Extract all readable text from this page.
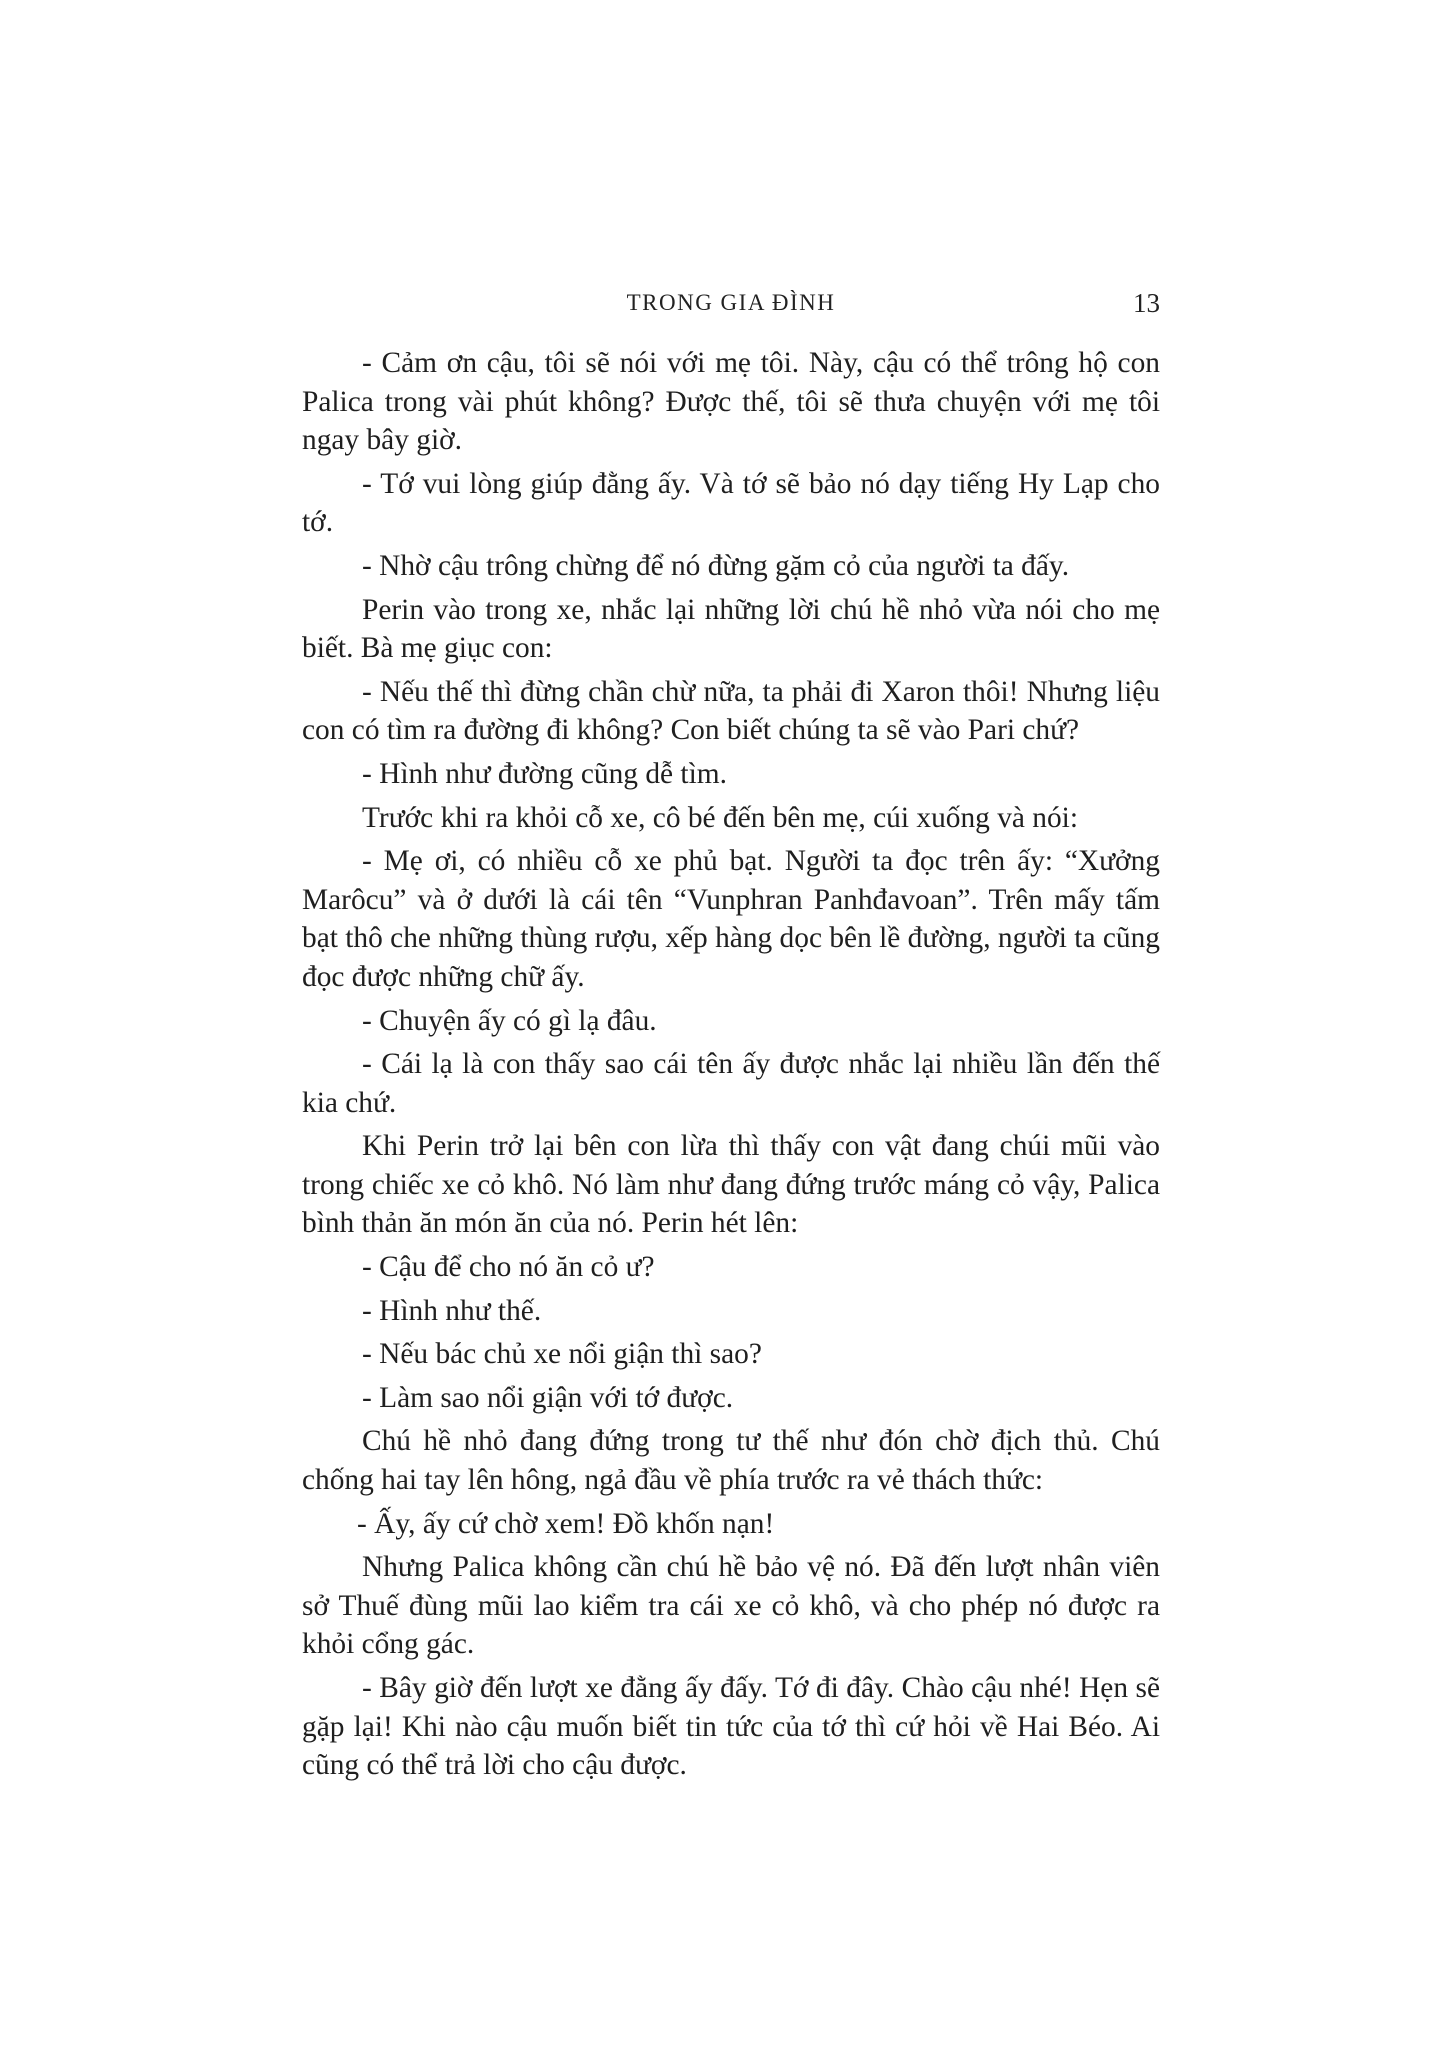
TRONG GIA ĐÌNH	13

- Cảm ơn cậu, tôi sẽ nói với mẹ tôi. Này, cậu có thể trông hộ con Palica trong vài phút không? Được thế, tôi sẽ thưa chuyện với mẹ tôi ngay bây giờ.

- Tớ vui lòng giúp đằng ấy. Và tớ sẽ bảo nó dạy tiếng Hy Lạp cho tớ.

- Nhờ cậu trông chừng để nó đừng gặm cỏ của người ta đấy.

Perin vào trong xe, nhắc lại những lời chú hề nhỏ vừa nói cho mẹ biết. Bà mẹ giục con:

- Nếu thế thì đừng chần chừ nữa, ta phải đi Xaron thôi! Nhưng liệu con có tìm ra đường đi không? Con biết chúng ta sẽ vào Pari chứ?

- Hình như đường cũng dễ tìm.

Trước khi ra khỏi cỗ xe, cô bé đến bên mẹ, cúi xuống và nói:

- Mẹ ơi, có nhiều cỗ xe phủ bạt. Người ta đọc trên ấy: “Xưởng Marôcu” và ở dưới là cái tên “Vunphran Panhđavoan”. Trên mấy tấm bạt thô che những thùng rượu, xếp hàng dọc bên lề đường, người ta cũng đọc được những chữ ấy.

- Chuyện ấy có gì lạ đâu.

- Cái lạ là con thấy sao cái tên ấy được nhắc lại nhiều lần đến thế kia chứ.

Khi Perin trở lại bên con lừa thì thấy con vật đang chúi mũi vào trong chiếc xe cỏ khô. Nó làm như đang đứng trước máng cỏ vậy, Palica bình thản ăn món ăn của nó. Perin hét lên:

- Cậu để cho nó ăn cỏ ư?

- Hình như thế.

- Nếu bác chủ xe nổi giận thì sao?

- Làm sao nổi giận với tớ được.

Chú hề nhỏ đang đứng trong tư thế như đón chờ địch thủ. Chú chống hai tay lên hông, ngả đầu về phía trước ra vẻ thách thức:

- Ấy, ấy cứ chờ xem! Đồ khốn nạn!

Nhưng Palica không cần chú hề bảo vệ nó. Đã đến lượt nhân viên sở Thuế đùng mũi lao kiểm tra cái xe cỏ khô, và cho phép nó được ra khỏi cổng gác.

- Bây giờ đến lượt xe đằng ấy đấy. Tớ đi đây. Chào cậu nhé! Hẹn sẽ gặp lại! Khi nào cậu muốn biết tin tức của tớ thì cứ hỏi về Hai Béo. Ai cũng có thể trả lời cho cậu được.
